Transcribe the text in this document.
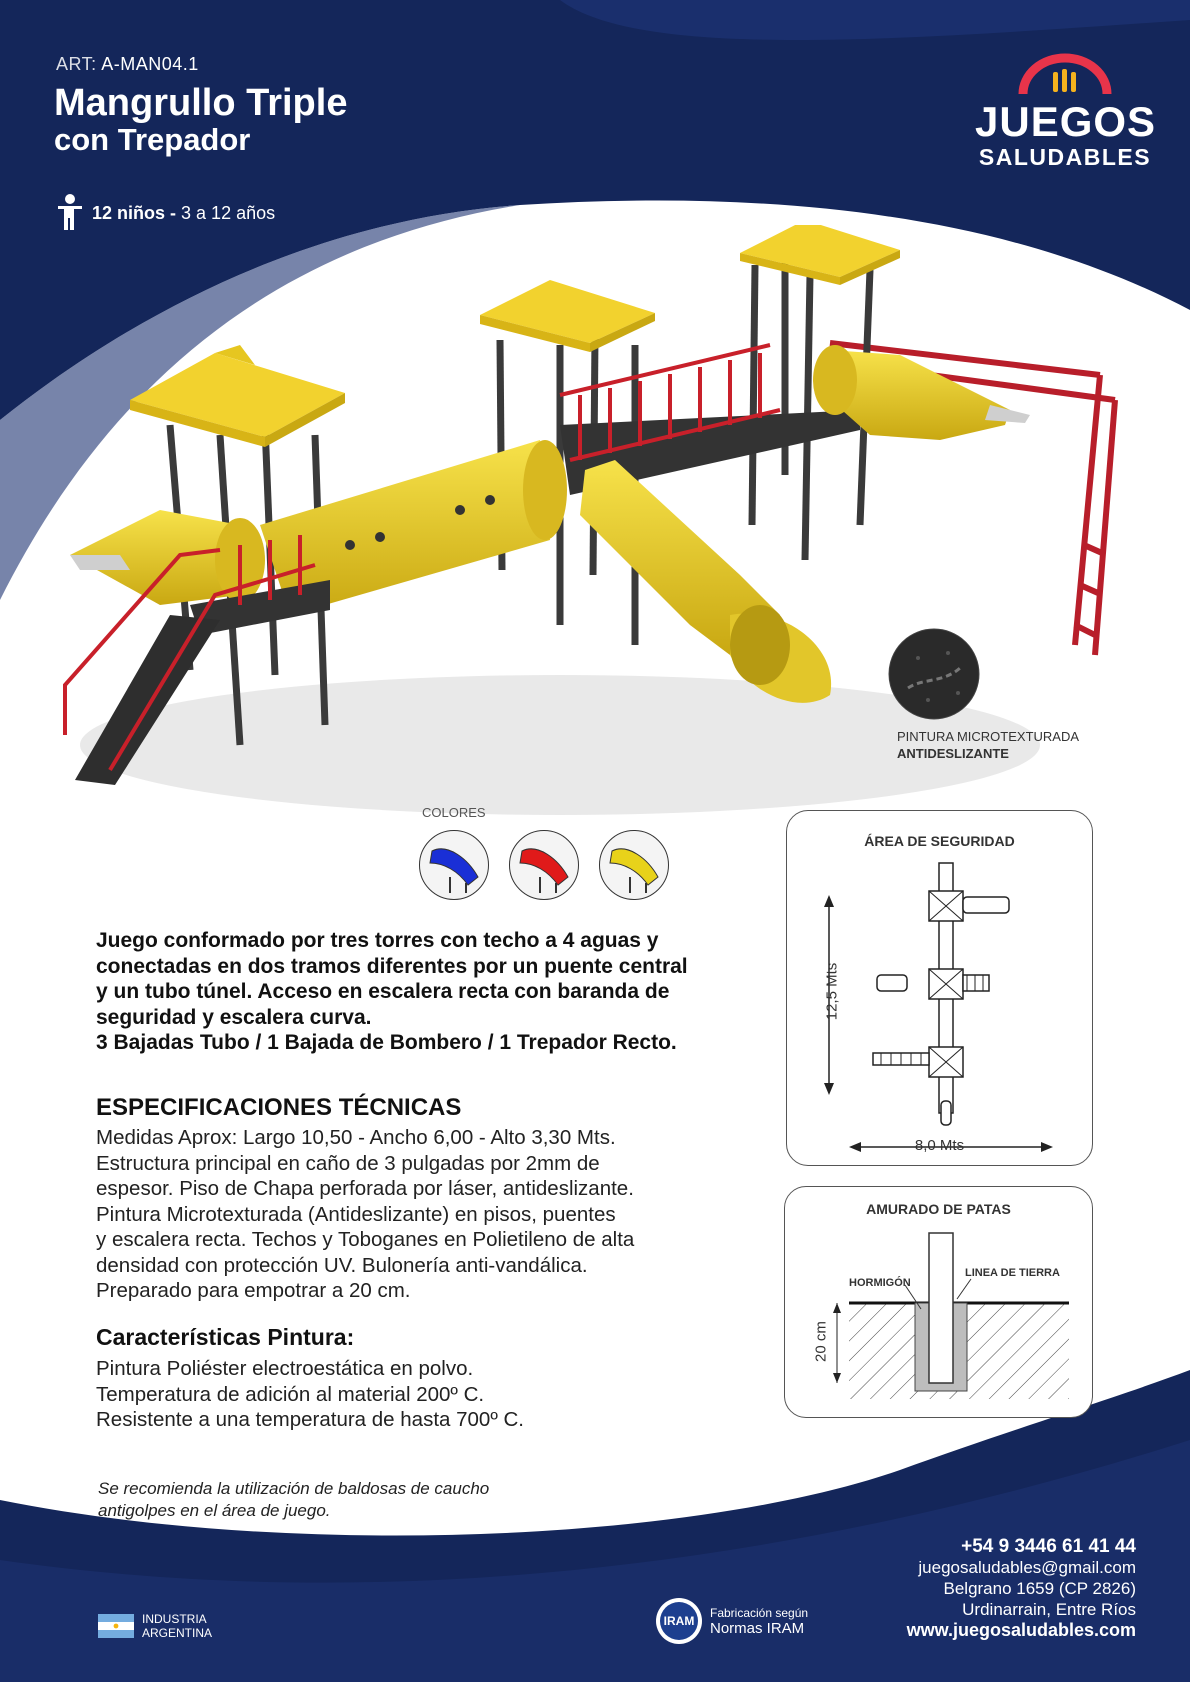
ART: A-MAN04.1
Mangrullo Triple
con Trepador
12 niños - 3 a 12 años
JUEGOS
SALUDABLES
PINTURA MICROTEXTURADA
ANTIDESLIZANTE
COLORES
Juego conformado por tres torres con techo a 4 aguas y
conectadas en dos tramos diferentes por un puente central
y un tubo túnel. Acceso en escalera recta con baranda de
seguridad y escalera curva.
3 Bajadas Tubo / 1 Bajada de Bombero / 1 Trepador Recto.
ESPECIFICACIONES TÉCNICAS
Medidas Aprox: Largo 10,50 - Ancho 6,00 - Alto 3,30 Mts.
Estructura principal en caño de 3 pulgadas por 2mm de
espesor. Piso de Chapa perforada por láser, antideslizante.
Pintura Microtexturada (Antideslizante) en pisos, puentes
y escalera recta. Techos y Toboganes en Polietileno de alta
densidad con protección UV. Bulonería anti-vandálica.
Preparado para empotrar a 20 cm.
Características Pintura:
Pintura Poliéster electroestática en polvo.
Temperatura de adición al material 200º C.
Resistente a una temperatura de hasta 700º C.
Se recomienda la utilización de baldosas de caucho
antigolpes en el área de juego.
ÁREA DE SEGURIDAD
12,5 Mts
8,0 Mts
AMURADO DE PATAS
HORMIGÓN
LINEA DE TIERRA
20 cm
+54 9 3446 61 41 44
juegosaludables@gmail.com
Belgrano 1659 (CP 2826)
Urdinarrain, Entre Ríos
www.juegosaludables.com
INDUSTRIA
ARGENTINA
IRAM
Fabricación según
Normas IRAM
